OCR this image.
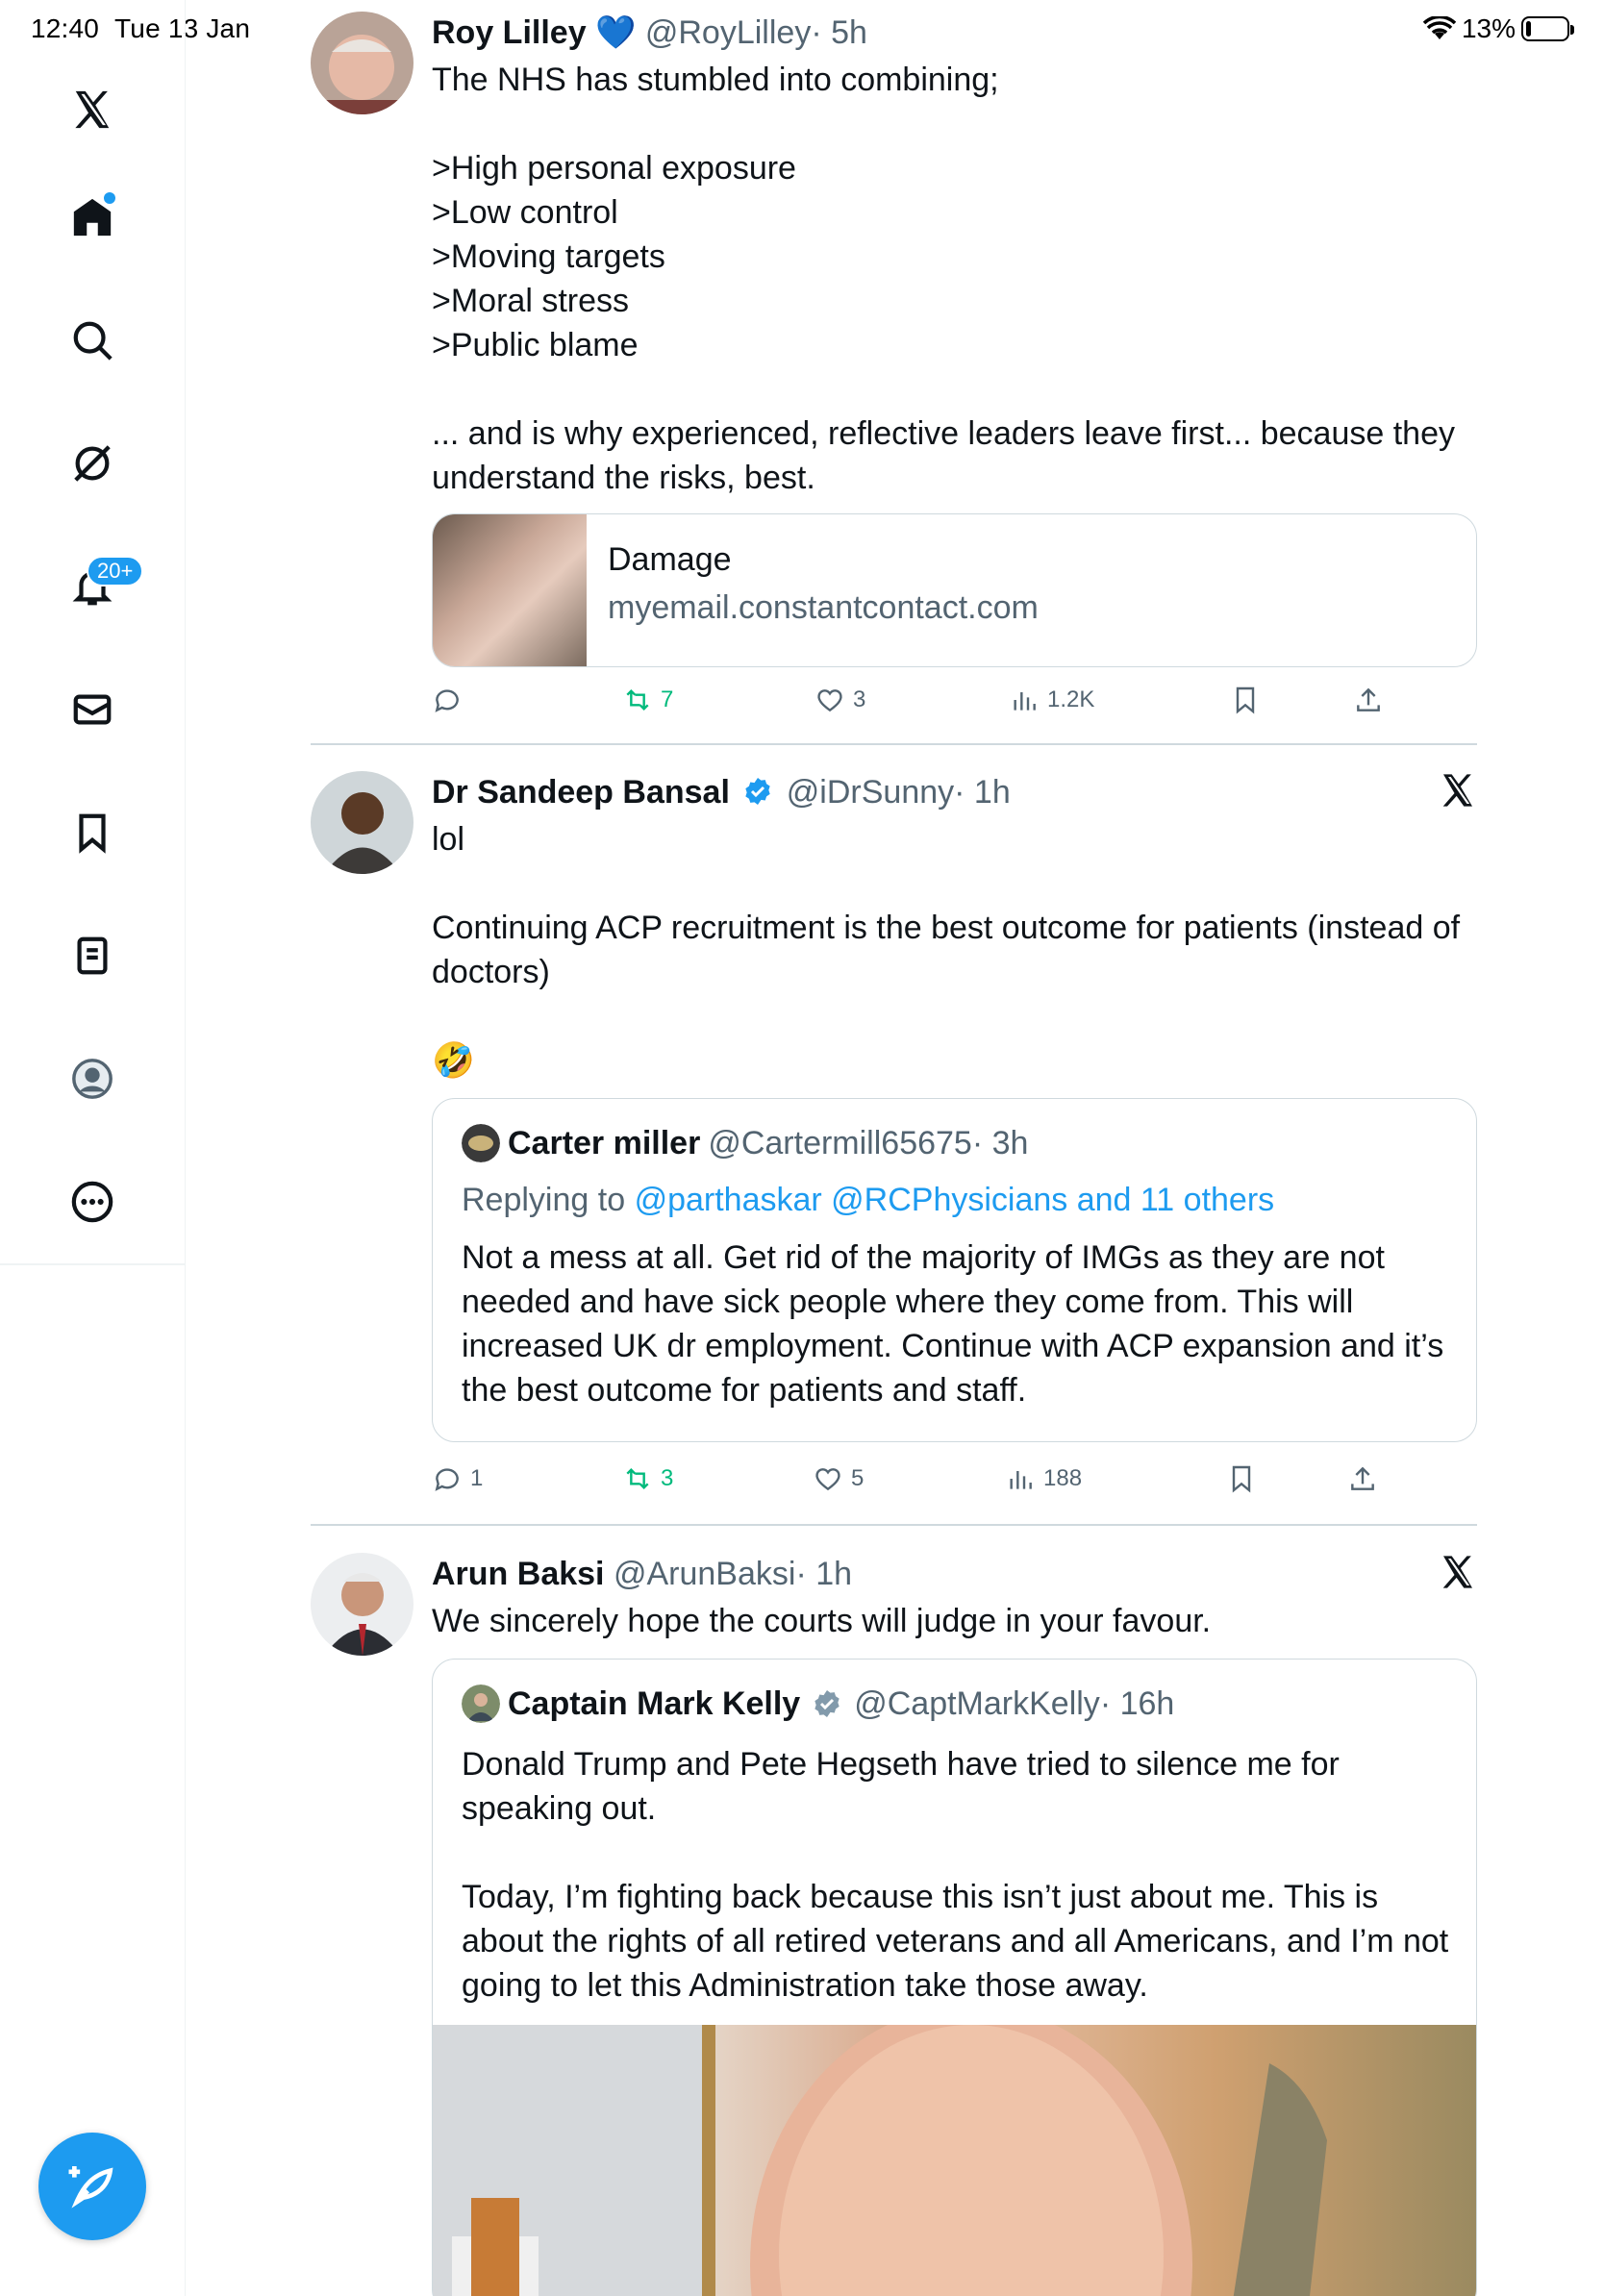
12:40 Tue 13 Jan	13%
20+
Roy Lilley 💙 @RoyLilley· 5h
The NHS has stumbled into combining;

>High personal exposure
>Low control
>Moving targets
>Moral stress
>Public blame

... and is why experienced, reflective leaders leave first... because they understand the risks, best.
Damage
myemail.constantcontact.com
7	3	1.2K
Dr Sandeep Bansal @iDrSunny· 1h
lol

Continuing ACP recruitment is the best outcome for patients (instead of doctors)
🤣
Carter miller @Cartermill65675· 3h
Replying to @parthaskar @RCPhysicians and 11 others
Not a mess at all. Get rid of the majority of IMGs as they are not needed and have sick people where they come from. This will increased UK dr employment. Continue with ACP expansion and it’s the best outcome for patients and staff.
1	3	5	188
Arun Baksi @ArunBaksi· 1h
We sincerely hope the courts will judge in your favour.
Captain Mark Kelly @CaptMarkKelly· 16h
Donald Trump and Pete Hegseth have tried to silence me for speaking out.

Today, I’m fighting back because this isn’t just about me. This is about the rights of all retired veterans and all Americans, and I’m not going to let this Administration take those away.
